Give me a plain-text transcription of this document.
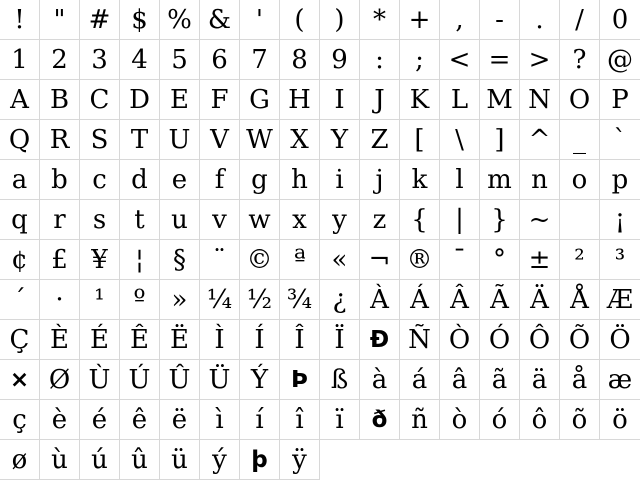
!	" # $ % & '	(	)	* + ,	-	.	/	0
1 2 3 4 5 6 7 8 9	:	; < = > ? @
A B C D E F G H I	J K L M N O P
Q R S T U V W X Y Z [	\	] ^ _	`
a b c d e	f	g h	i	j	k	l m n o p
q r	s	t	u v w x y z {	|	} ~	¡
¢ £ ¥	¦	§	¨ © ª « ¬ ® ¯	° ± ²	³
´	·	¹	º » ¼ ½ ¾ ¿ À Á Â Ã Ä Å Æ
Ç È É Ê Ë Ì	Í	Î	Ï	Ð Ñ Ò Ó Ô Õ Ö
× Ø Ù Ú Û Ü Ý Þ ß à á â ã ä å æ
ç è é ê ë	ì	í	î	ï	ð ñ ò ó ô õ ö
ø ù ú û ü ý	þ ÿ
